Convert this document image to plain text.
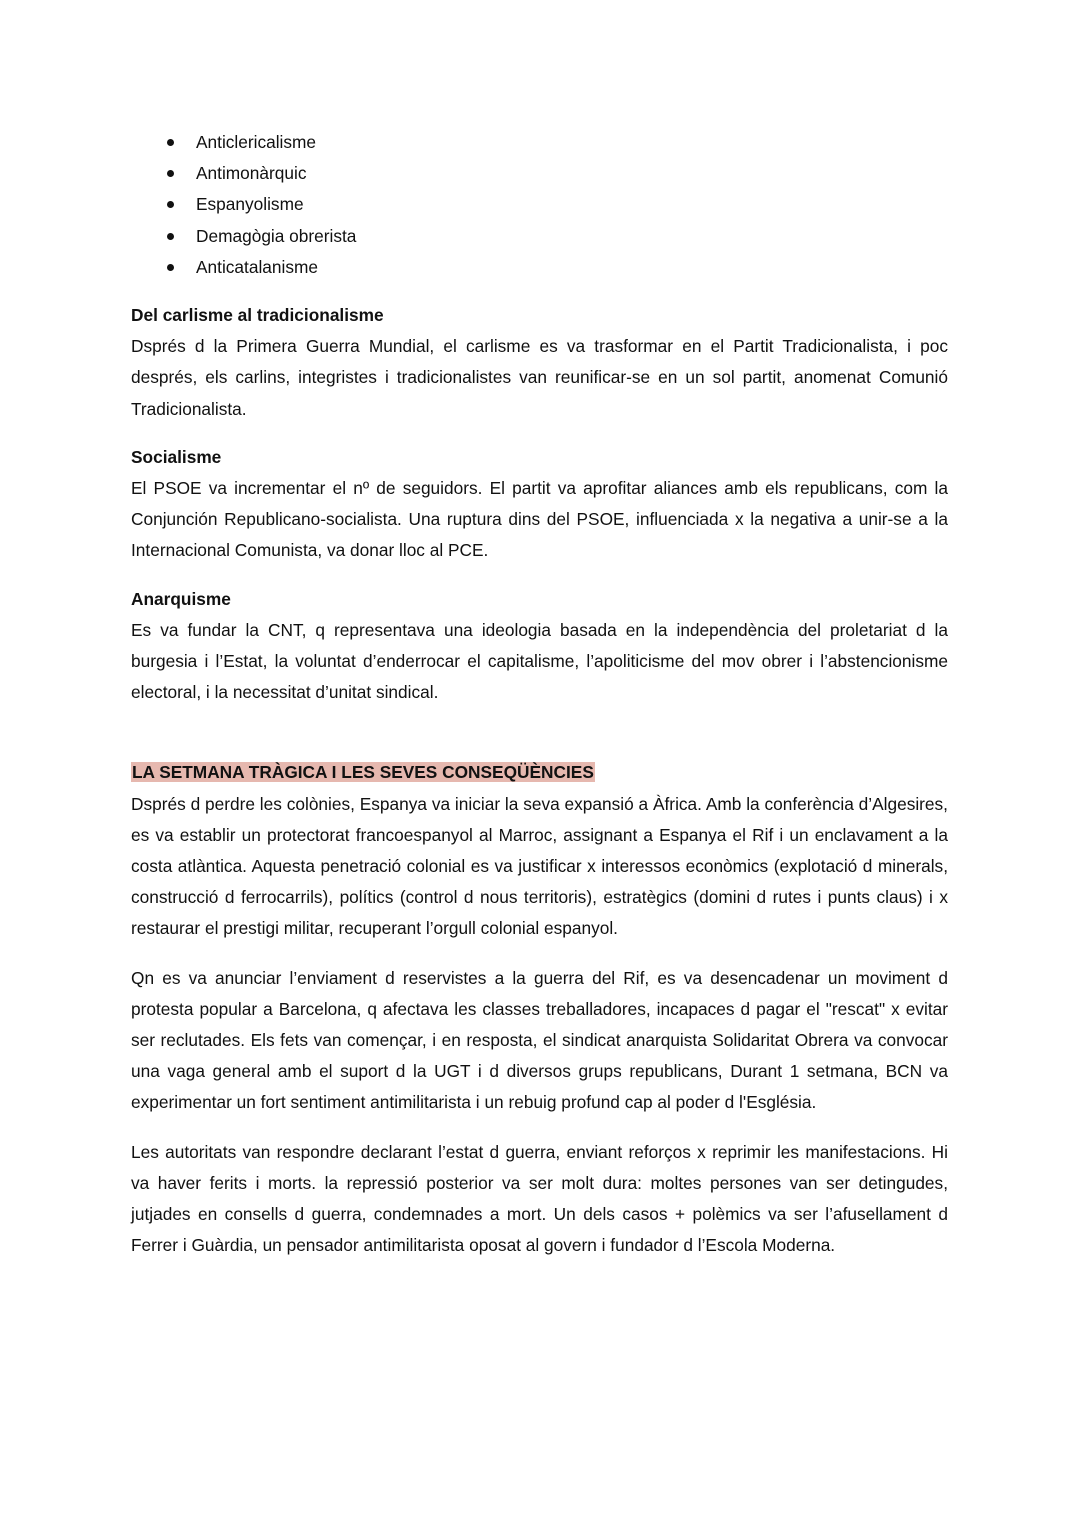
Anticlericalisme
Antimonàrquic
Espanyolisme
Demagògia obrerista
Anticatalanisme
Del carlisme al tradicionalisme

Dsprés d la Primera Guerra Mundial, el carlisme es va trasformar en el Partit Tradicionalista, i poc després, els carlins, integristes i tradicionalistes van reunificar-se en un sol partit, anomenat Comunió Tradicionalista.

Socialisme

El PSOE va incrementar el nº de seguidors. El partit va aprofitar aliances amb els republicans, com la Conjunción Republicano-socialista. Una ruptura dins del PSOE, influenciada x la negativa a unir-se a la Internacional Comunista, va donar lloc al PCE.

Anarquisme

Es va fundar la CNT, q representava una ideologia basada en la independència del proletariat d la burgesia i l’Estat, la voluntat d’enderrocar el capitalisme, l’apoliticisme del mov obrer i l’abstencionisme electoral, i la necessitat d’unitat sindical.

LA SETMANA TRÀGICA I LES SEVES CONSEQÜÈNCIES

Dsprés d perdre les colònies, Espanya va iniciar la seva expansió a Àfrica. Amb la conferència d’Algesires, es va establir un protectorat francoespanyol al Marroc, assignant a Espanya el Rif i un enclavament a la costa atlàntica. Aquesta penetració colonial es va justificar x interessos econòmics (explotació d minerals, construcció d ferrocarrils), polítics (control d nous territoris), estratègics (domini d rutes i punts claus) i x restaurar el prestigi militar, recuperant l’orgull colonial espanyol.

Qn es va anunciar l’enviament d reservistes a la guerra del Rif, es va desencadenar un moviment d protesta popular a Barcelona, q afectava les classes treballadores, incapaces d pagar el "rescat" x evitar ser reclutades. Els fets van començar, i en resposta, el sindicat anarquista Solidaritat Obrera va convocar una vaga general amb el suport d la UGT i d diversos grups republicans, Durant 1 setmana, BCN va experimentar un fort sentiment antimilitarista i un rebuig profund cap al poder d l'Església.

Les autoritats van respondre declarant l’estat d guerra, enviant reforços x reprimir les manifestacions. Hi va haver ferits i morts. la repressió posterior va ser molt dura: moltes persones van ser detingudes, jutjades en consells d guerra, condemnades a mort. Un dels casos + polèmics va ser l’afusellament d Ferrer i Guàrdia, un pensador antimilitarista oposat al govern i fundador d l’Escola Moderna.
